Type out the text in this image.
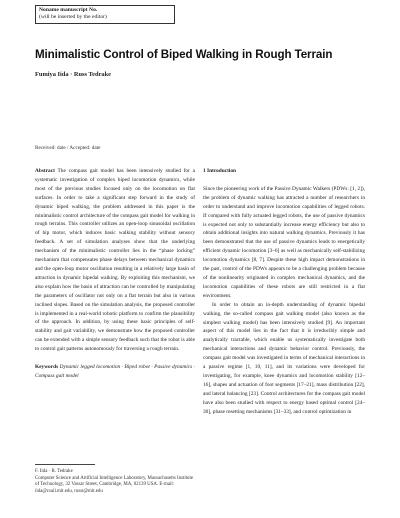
Noname manuscript No.
(will be inserted by the editor)
Minimalistic Control of Biped Walking in Rough Terrain
Fumiya Iida · Russ Tedrake
Received: date / Accepted: date

Abstract The compass gait model has been intensively studied for a systematic investigation of complex biped locomotion dynamics, while most of the previous studies focused only on the locomotion on flat surfaces. In order to take a significant step forward in the study of dynamic biped walking, the problem addressed in this paper is the minimalistic control architecture of the compass gait model for walking in rough terrains. This controller utilizes an open-loop sinusoidal oscillation of hip motor, which induces basic walking stability without sensory feedback. A set of simulation analyses show that the underlying mechanism of the minimalistic controller lies in the “phase locking” mechanism that compensates phase delays between mechanical dynamics and the open-loop motor oscillation resulting in a relatively large basin of attraction in dynamic bipedal walking. By exploiting this mechanism, we also explain how the basin of attraction can be controlled by manipulating the parameters of oscillator not only on a flat terrain but also in various inclined slopes. Based on the simulation analysis, the proposed controller is implemented in a real-world robotic platform to confirm the plausibility of the approach. In addition, by using these basic principles of self-stability and gait variability, we demonstrate how the proposed controller can be extended with a simple sensory feedback such that the robot is able to control gait patterns autonomously for traversing a rough terrain.

Keywords Dynamic legged locomotion · Biped robot · Passive dynamics · Compass gait model

F. Iida · R. Tedrake

Computer Science and Artificial Intelligence Laboratory, Massachusetts Institute of Technology, 32 Vassar Street, Cambridge, MA, 02139 USA. E-mail: iida@csail.mit.edu, russt@mit.edu

1 Introduction

Since the pioneering work of the Passive Dynamic Walkers (PDWs: [1, 2]), the problem of dynamic walking has attracted a number of researchers in order to understand and improve locomotion capabilities of legged robots. If compared with fully actuated legged robots, the use of passive dynamics is expected not only to substantially increase energy efficiency but also to obtain additional insights into natural walking dynamics. Previously it has been demonstrated that the use of passive dynamics leads to energetically efficient dynamic locomotion [3–6] as well as mechanically self-stabilizing locomotion dynamics [8, 7]. Despite these high impact demonstrations in the past, control of the PDWs appears to be a challenging problem because of the nonlinearity originated in complex mechanical dynamics, and the locomotion capabilities of these robots are still restricted in a flat environment.

In order to obtain an in-depth understanding of dynamic bipedal walking, the so-called compass gait walking model (also known as the simplest walking model) has been intensively studied [9]. An important aspect of this model lies in the fact that it is irreducibly simple and analytically tractable, which enable us systematically investigate both mechanical interactions and dynamic behavior control. Previously, the compass gait model was investigated in terms of mechanical interactions in a passive regime [1, 10, 11], and its variations were developed for investigating, for example, knee dynamics and locomotion stability [12–16], shapes and actuation of foot segments [17–21], mass distribution [22], and lateral balancing [23]. Control architectures for the compass gait model have also been studied with respect to energy based optimal control [24–30], phase resetting mechanisms [31–33], and control optimization in
